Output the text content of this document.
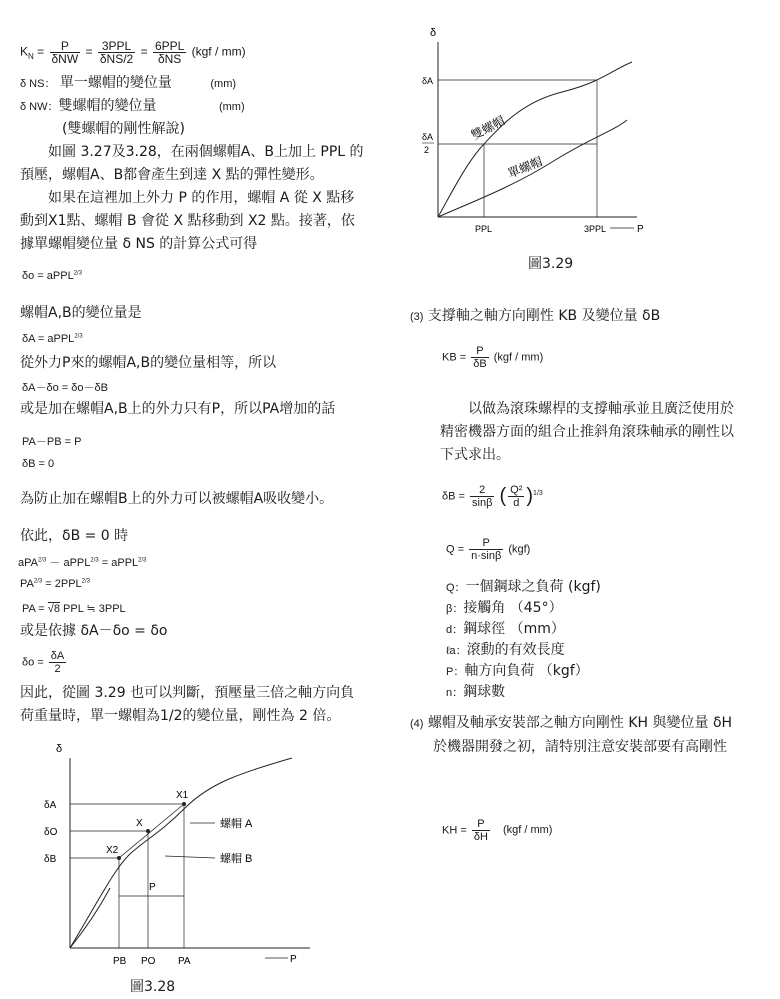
$K_N = \frac{P}{\text{δNW}} = \frac{\text{3PPL}}{\text{δNS/2}} = \frac{\text{6PPL}}{\text{δNS}} (kgf / mm)$
δ NS： 單一螺帽的變位量	(mm)
δ NW：雙螺帽的變位量	(mm)
(雙螺帽的剛性解說)
如圖 3.27及3.28，在兩個螺帽A、B上加上 PPL 的
預壓，螺帽A、B都會產生到達 X 點的彈性變形。
如果在這裡加上外力 P 的作用，螺帽 A 從 X 點移
動到X1點、螺帽 B 會從 X 點移動到 X2 點。接著，依
據單螺帽變位量 δ NS 的計算公式可得
δo = aPPL$^{2/3}$
螺帽A,B的變位量是
δA = aPPL$^{2/3}$
從外力P來的螺帽A,B的變位量相等，所以
δA－δo = δo－δB
或是加在螺帽A,B上的外力只有P，所以PA增加的話
PA－PB = P
δB = 0
為防止加在螺帽B上的外力可以被螺帽A吸收變小。
依此，δB = 0 時
aPA$^{2/3}$ － aPPL$^{2/3}$ = aPPL$^{2/3}$
$PA^{2/3} = 2PPL^{2/3}$
PA = √8 PPL ≒ 3PPL
或是依據 δA－δo = δo
$\delta o = \frac{\delta A}{2}$
因此，從圖 3.29 也可以判斷，預壓量三倍之軸方向負
荷重量時，單一螺帽為1/2的變位量，剛性為 2 倍。
δ
P
δA
δO
δB
PB PO PA
X1
X
X2
P
螺帽 A
螺帽 B
圖3.28
δ
P
δA
δA
2
PPL	3PPL
雙螺帽
單螺帽
圖3.29
(3) 支撐軸之軸方向剛性 KB 及變位量 δB
KB = $\frac{P}{\delta B} (kgf / mm)$
以做為滾珠螺桿的支撐軸承並且廣泛使用於
精密機器方面的組合止推斜角滾珠軸承的剛性以
下式求出。
$\delta B = \frac{2}{\sin\beta}$ ( $\frac{\text{Q²}}{d} )^{1/3}$
$Q = \frac{P}{n\cdot\sin\beta} (kgf)$
Q：一個鋼球之負荷 (kgf)
β：接觸角 （45°）
d：鋼球徑 （mm）
ℓa：滾動的有效長度
P：軸方向負荷 （kgf）
n：鋼球數
(4) 螺帽及軸承安裝部之軸方向剛性 KH 與變位量 δH
於機器開發之初，請特別注意安裝部要有高剛性
KH = $\frac{P}{\delta H} (kgf / mm)$
